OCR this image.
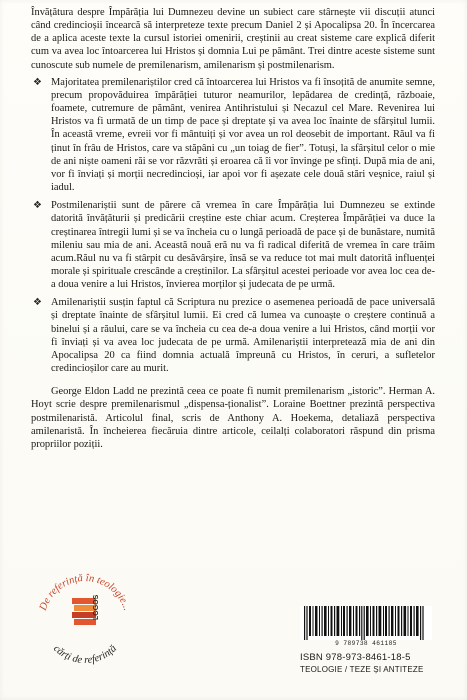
Învățătura despre Împărăția lui Dumnezeu devine un subiect care stârnește vii discuții atunci când credincioșii încearcă să interpreteze texte precum Daniel 2 și Apocalipsa 20. În încercarea de a aplica aceste texte la cursul istoriei omenirii, creștinii au creat sisteme care explică diferit cum va avea loc întoarcerea lui Hristos și domnia Lui pe pământ. Trei dintre aceste sisteme sunt cunoscute sub numele de premilenarism, amilenarism și postmilenarism.

❖ Majoritatea premilenariștilor cred că întoarcerea lui Hristos va fi însoțită de anumite semne, precum propovăduirea împărăției tuturor neamurilor, lepădarea de credință, războaie, foamete, cutremure de pământ, venirea Antihristului și Necazul cel Mare. Revenirea lui Hristos va fi urmată de un timp de pace și dreptate și va avea loc înainte de sfârșitul lumii. În această vreme, evreii vor fi mântuiți și vor avea un rol deosebit de important. Răul va fi ținut în frâu de Hristos, care va stăpâni cu „un toiag de fier”. Totuși, la sfârșitul celor o mie de ani niște oameni răi se vor răzvrăti și eroarea că îi vor învinge pe sfinți. După mia de ani, vor fi înviați și morții necredincioși, iar apoi vor fi așezate cele două stări veșnice, raiul și iadul.
❖ Postmilenariștii sunt de părere că vremea în care Împărăția lui Dumnezeu se extinde datorită învățăturii și predicării creștine este chiar acum. Creșterea Împărăției va duce la creștinarea întregii lumi și se va încheia cu o lungă perioadă de pace și de bunăstare, numită mileniu sau mia de ani. Această nouă eră nu va fi radical diferită de vremea în care trăim acum.Răul nu va fi stârpit cu desăvârșire, însă se va reduce tot mai mult datorită influenței morale și spirituale crescânde a creștinilor. La sfârșitul acestei perioade vor avea loc cea de-a doua venire a lui Hristos, învierea morților și judecata de pe urmă.
❖ Amilenariștii susțin faptul că Scriptura nu prezice o asemenea perioadă de pace universală și dreptate înainte de sfârșitul lumii. Ei cred că lumea va cunoaște o creștere continuă a binelui și a răului, care se va încheia cu cea de-a doua venire a lui Hristos, când morții vor fi înviați și va avea loc judecata de pe urmă. Amilenariștii interpretează mia de ani din Apocalipsa 20 ca fiind domnia actuală împreună cu Hristos, în ceruri, a sufletelor credincioșilor care au murit.

George Eldon Ladd ne prezintă ceea ce poate fi numit premilenarism „istoric”. Herman A. Hoyt scrie despre premilenarismul „dispensa-ționalist”. Loraine Boettner prezintă perspectiva postmilenaristă. Articolul final, scris de Anthony A. Hoekema, detaliază perspectiva amilenaristă. În încheierea fiecăruia dintre articole, ceilalți colaboratori răspund din prisma propriilor poziții.

De referință în teologie...
cărți de referință
LOGOS
9 789738 461185
ISBN 978-973-8461-18-5
TEOLOGIE / TEZE ȘI ANTITEZE
